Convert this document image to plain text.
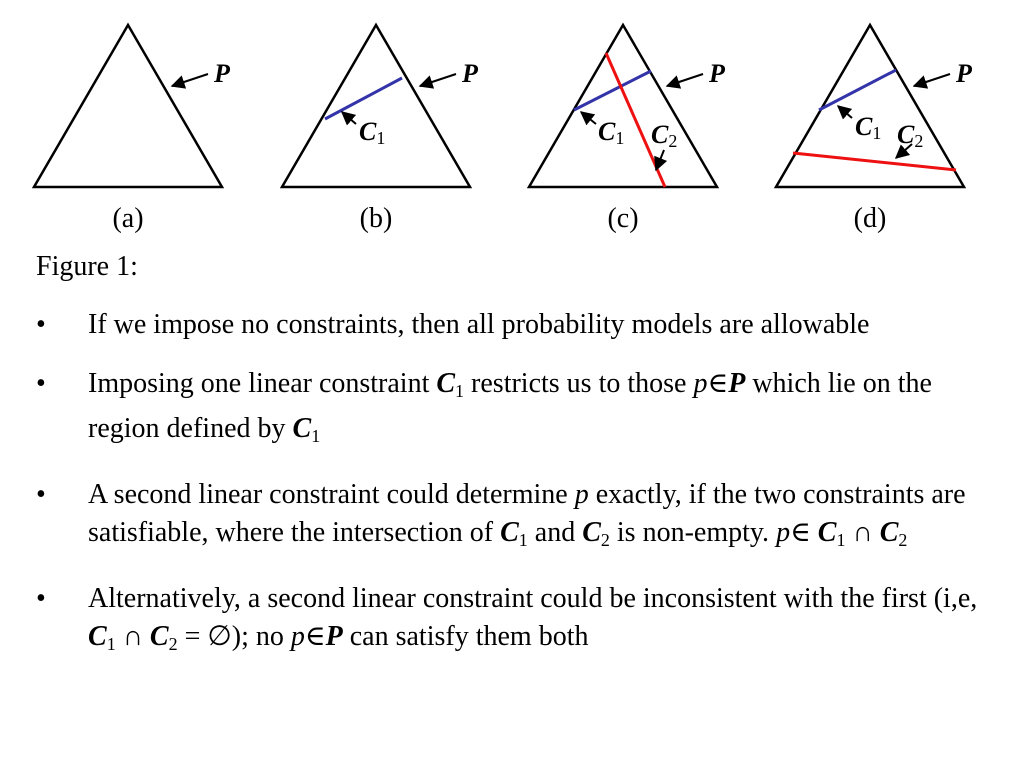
P
(a)
P
C1
(b)
P
C1 C2
(c)
P
C1 C2
(d)

Figure 1:

• If we impose no constraints, then all probability models are allowable
• Imposing one linear constraint C1 restricts us to those p∈P which lie on the region defined by C1
• A second linear constraint could determine p exactly, if the two constraints are satisfiable, where the intersection of C1 and C2 is non-empty. p∈ C1 ∩ C2
• Alternatively, a second linear constraint could be inconsistent with the first (i,e, C1 ∩ C2 = ∅); no p∈P can satisfy them both
